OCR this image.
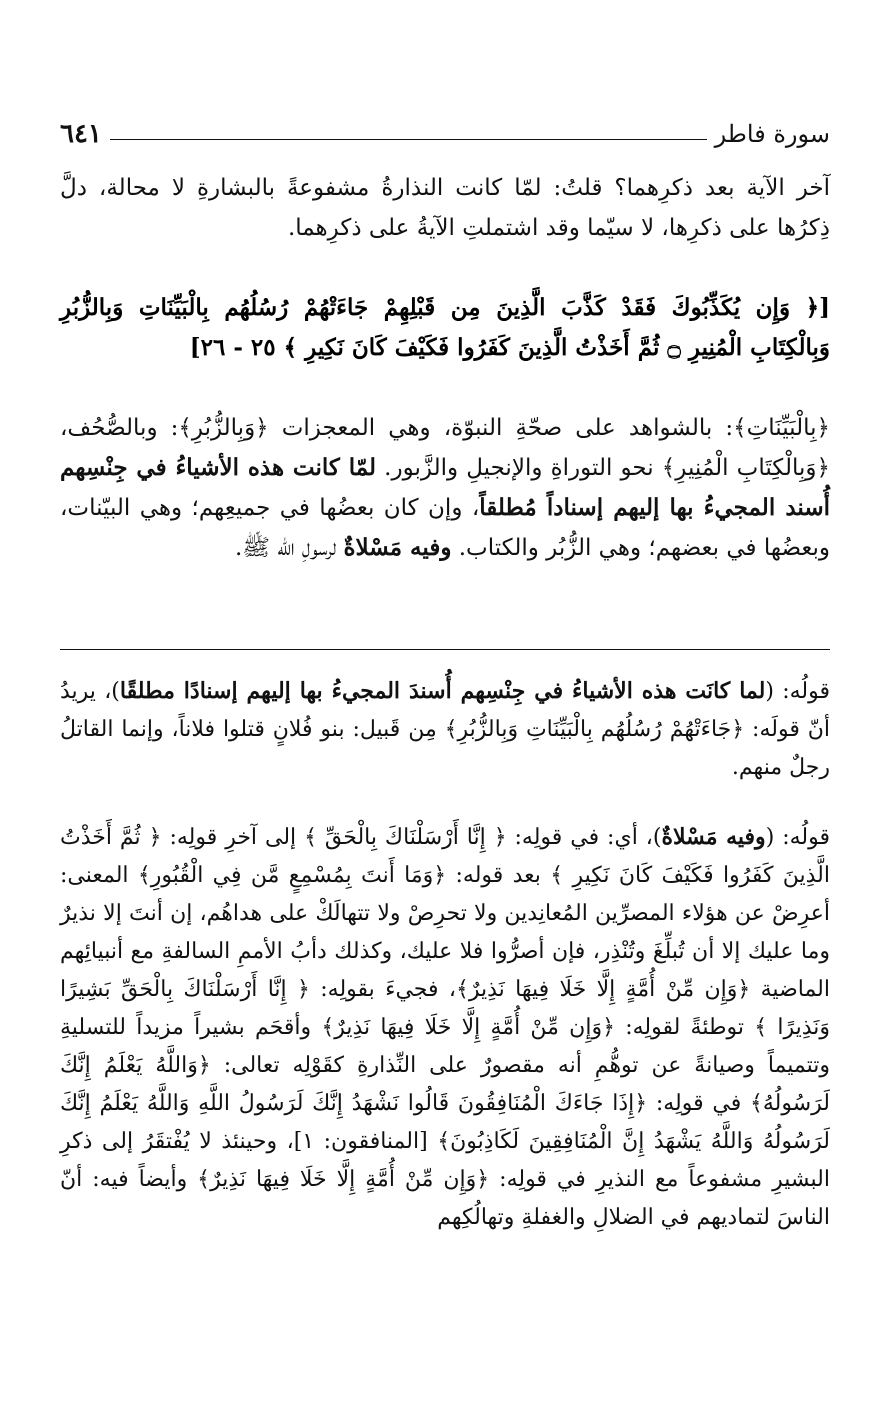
سورة فاطر
٦٤١

آخر الآية بعد ذكرِهما؟ قلتُ: لمّا كانت النذارةُ مشفوعةً بالبشارةِ لا محالة، دلَّ ذِكرُها على ذكرِها، لا سيّما وقد اشتملتِ الآيةُ على ذكرِهما.

[﴿ وَإِن يُكَذِّبُوكَ فَقَدْ كَذَّبَ الَّذِينَ مِن قَبْلِهِمْ جَاءَتْهُمْ رُسُلُهُم بِالْبَيِّنَاتِ وَبِالزُّبُرِ وَبِالْكِتَابِ الْمُنِيرِ ۝ ثُمَّ أَخَذْتُ الَّذِينَ كَفَرُوا فَكَيْفَ كَانَ نَكِيرِ ﴾ ٢٥ - ٢٦]

﴿بِالْبَيِّنَاتِ﴾: بالشواهد على صحّةِ النبوّة، وهي المعجزات ﴿وَبِالزُّبُرِ﴾: وبالصُّحُف، ﴿وَبِالْكِتَابِ الْمُنِيرِ﴾ نحو التوراةِ والإنجيلِ والزَّبور. لمّا كانت هذه الأشياءُ في جِنْسِهم أُسند المجيءُ بها إليهم إسناداً مُطلقاً، وإن كان بعضُها في جميعِهم؛ وهي البيّنات، وبعضُها في بعضهم؛ وهي الزُّبُر والكتاب. وفيه مَسْلاةٌ لرسولِ الله ﷺ.

قولُه: (لما كانَت هذه الأشياءُ في جِنْسِهم أُسندَ المجيءُ بها إليهم إسنادًا مطلقًا)، يريدُ أنّ قولَه: ﴿جَاءَتْهُمْ رُسُلُهُم بِالْبَيِّنَاتِ وَبِالزُّبُرِ﴾ مِن قَبيل: بنو فُلانٍ قتلوا فلاناً، وإنما القاتلُ رجلٌ منهم.

قولُه: (وفيه مَسْلاةٌ)، أي: في قولِه: ﴿ إِنَّا أَرْسَلْنَاكَ بِالْحَقِّ ﴾ إلى آخرِ قولِه: ﴿ ثُمَّ أَخَذْتُ الَّذِينَ كَفَرُوا فَكَيْفَ كَانَ نَكِيرِ ﴾ بعد قوله: ﴿وَمَا أَنتَ بِمُسْمِعٍ مَّن فِي الْقُبُورِ﴾ المعنى: أعرِضْ عن هؤلاء المصرِّين المُعانِدين ولا تحرِصْ ولا تتهالَكْ على هداهُم، إن أنتَ إلا نذيرٌ وما عليك إلا أن تُبلِّغَ وتُنْذِر، فإن أصرُّوا فلا عليك، وكذلك دأبُ الأممِ السالفةِ مع أنبيائِهم الماضية ﴿وَإِن مِّنْ أُمَّةٍ إِلَّا خَلَا فِيهَا نَذِيرٌ﴾، فجيءَ بقولِه: ﴿ إِنَّا أَرْسَلْنَاكَ بِالْحَقِّ بَشِيرًا وَنَذِيرًا ﴾ توطئةً لقولِه: ﴿وَإِن مِّنْ أُمَّةٍ إِلَّا خَلَا فِيهَا نَذِيرٌ﴾ وأقحَم بشيراً مزيداً للتسليةِ وتتميماً وصيانةً عن توهُّمِ أنه مقصورٌ على النِّذارةِ كقَوْلِه تعالى: ﴿وَاللَّهُ يَعْلَمُ إِنَّكَ لَرَسُولُهُ﴾ في قولِه: ﴿إِذَا جَاءَكَ الْمُنَافِقُونَ قَالُوا نَشْهَدُ إِنَّكَ لَرَسُولُ اللَّهِ وَاللَّهُ يَعْلَمُ إِنَّكَ لَرَسُولُهُ وَاللَّهُ يَشْهَدُ إِنَّ الْمُنَافِقِينَ لَكَاذِبُونَ﴾ [المنافقون: ١]، وحينئذ لا يُفْتقَرُ إلى ذكرِ البشيرِ مشفوعاً مع النذيرِ في قولِه: ﴿وَإِن مِّنْ أُمَّةٍ إِلَّا خَلَا فِيهَا نَذِيرٌ﴾ وأيضاً فيه: أنّ الناسَ لتماديهم في الضلالِ والغفلةِ وتهالُكِهم
